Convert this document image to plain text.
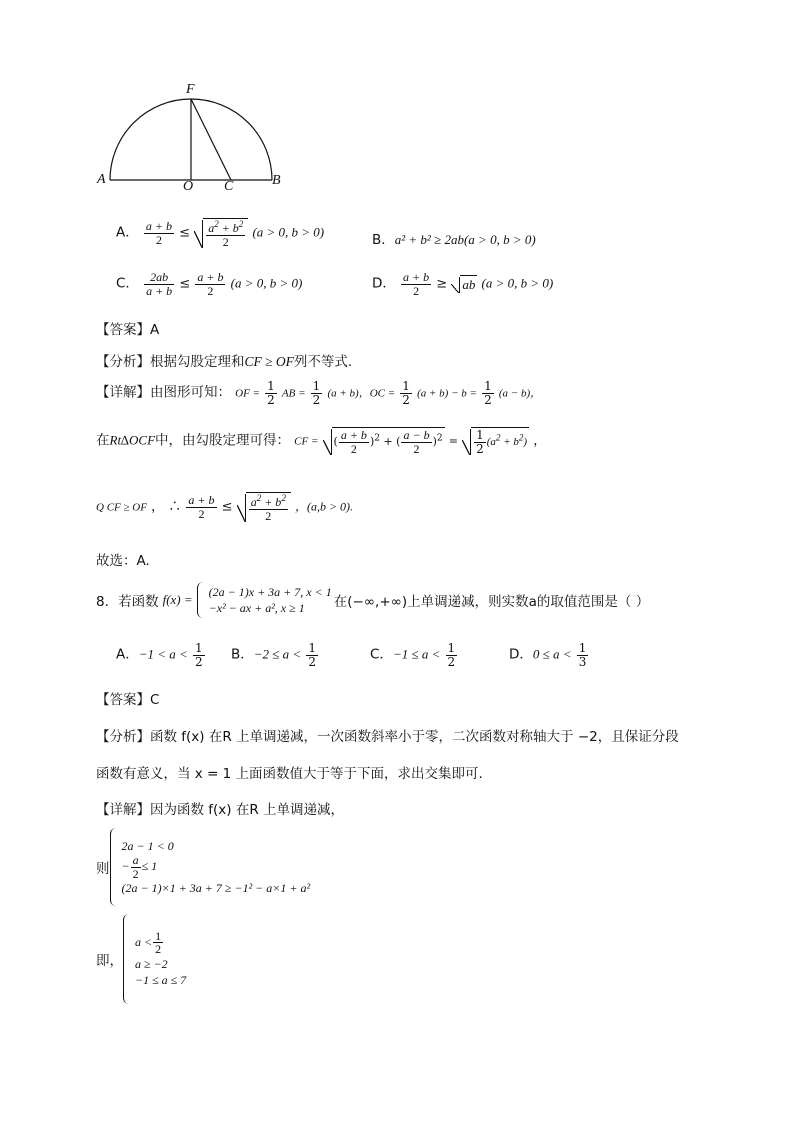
A	B
O C
F
A． $\frac{a + b}{2} \le \frac{a^2 + b^2}{2} (a > 0$, b > 0)	B．a² + b² ≥ 2ab(a > 0, b > 0)
C． $\frac{2ab}{a + b} \le \frac{a + b}{2} (a > 0$, b > 0)	D． $\frac{a + b}{2}$ ≥ ab (a > 0, b > 0)
【答案】A
【分析】根据勾股定理和CF ≥ OF列不等式.
【详解】由图形可知： OF = $\frac{1}{2}$ AB = $\frac{1}{2} (a + b)$，OC = $\frac{1}{2} (a + b) - b = \frac{1}{2} (a - b)$，
在Rt∆OCF中，由勾股定理可得： CF = ( $\frac{a + b}{2} )^2$ + ( $\frac{a - b}{2} )^2 = \frac{1}{2} (a^2 + b^2)$ ，
Q CF ≥ OF ， ∴ $\frac{a + b}{2} \le \frac{a^2 + b^2}{2}$ ，(a,b > 0).
故选：A.
8．若函数 f(x) =
(2a − 1)x + 3a + 7, x < 1
−x² − ax + a², x ≥ 1	在(−∞,+∞)上单调递减，则实数a的取值范围是（ ）
A．$-1 < a < \frac{1}{2}$ B．$-2 \le a < \frac{1}{2}$	C．$-1 \le a < \frac{1}{2}$	D．$0 \le a < \frac{1}{3}$
【答案】C
【分析】函数 f(x) 在R 上单调递减，一次函数斜率小于零，二次函数对称轴大于 −2，且保证分段
函数有意义，当 x = 1 上面函数值大于等于下面，求出交集即可.
【详解】因为函数 f(x) 在R 上单调递减，
则
2a − 1 < 0
− $\frac{a}{2} \le 1$
(2a − 1)×1 + 3a + 7 ≥ −1² − a×1 + a²
即，
$a < \frac{1}{2}$
a ≥ −2
−1 ≤ a ≤ 7
